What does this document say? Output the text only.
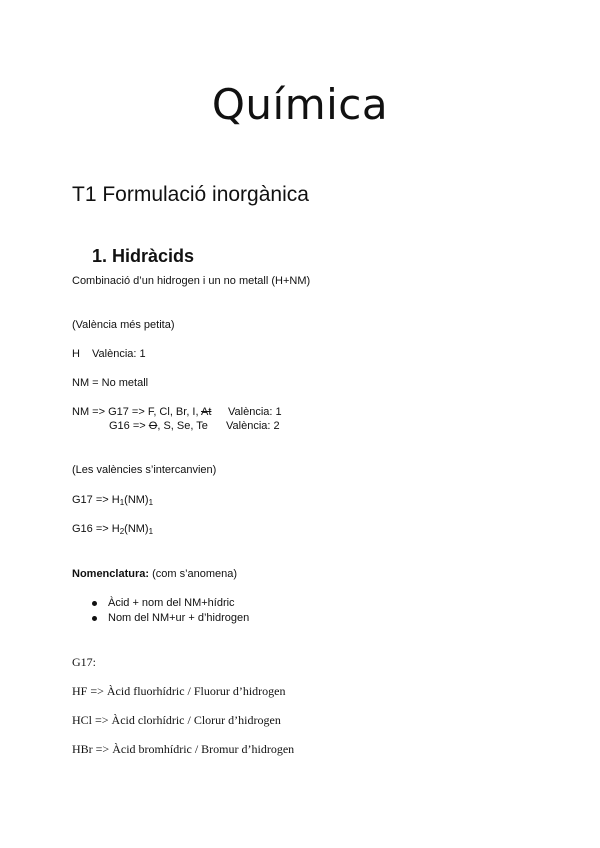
Química
T1 Formulació inorgànica
1. Hidràcids
Combinació d’un hidrogen i un no metall (H+NM)
(València més petita)
H València: 1
NM = No metall
NM => G17 => F, Cl, Br, I, At València: 1
G16 => O, S, Se, Te València: 2
(Les valències s’intercanvien)
$G17 => H_1(NM)_1$
$G16 => H_2(NM)_1$
Nomenclatura: (com s’anomena)
Àcid + nom del NM+hídric
Nom del NM+ur + d’hidrogen
G17:
HF => Àcid fluorhídric / Fluorur d’hidrogen
HCl => Àcid clorhídric / Clorur d’hidrogen
HBr => Àcid bromhídric / Bromur d’hidrogen
